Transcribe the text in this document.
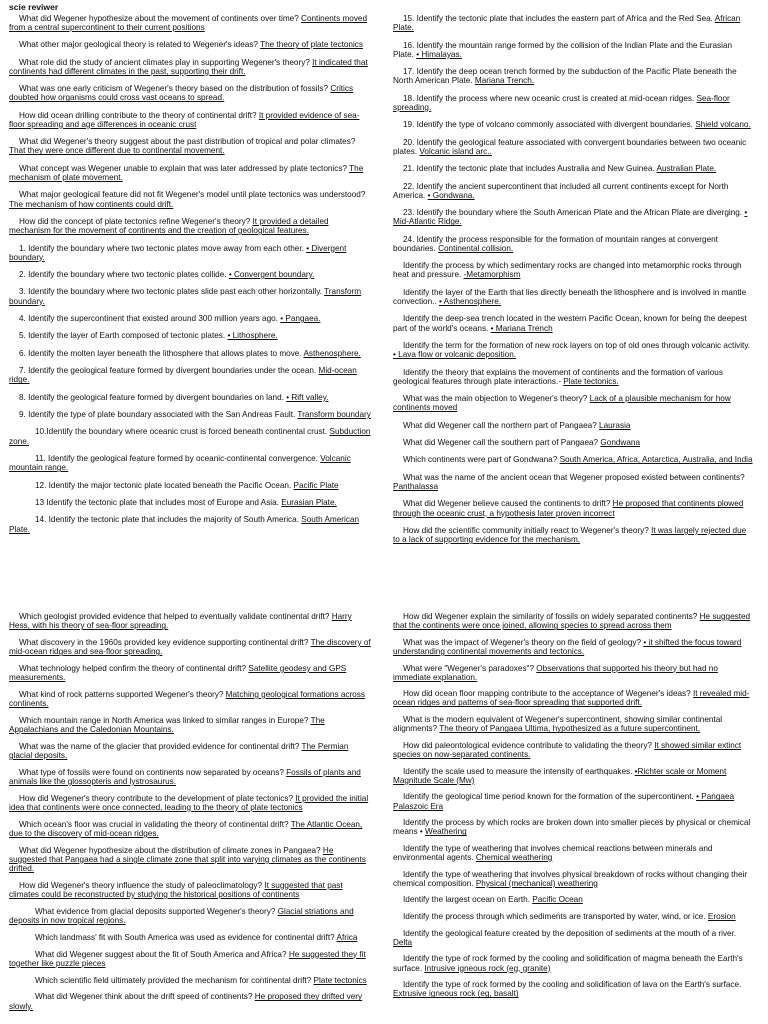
scie reviwer

What did Wegener hypothesize about the movement of continents over time? Continents moved from a central supercontinent to their current positions

What other major geological theory is related to Wegener's ideas? The theory of plate tectonics

What role did the study of ancient climates play in supporting Wegener's theory? It indicated that continents had different climates in the past, supporting their drift.

What was one early criticism of Wegener's theory based on the distribution of fossils? Critics doubted how organisms could cross vast oceans to spread.

How did ocean drilling contribute to the theory of continental drift? It provided evidence of sea-floor spreading and age differences in oceanic crust

What did Wegener's theory suggest about the past distribution of tropical and polar climates? That they were once different due to continental movement.

What concept was Wegener unable to explain that was later addressed by plate tectonics? The mechanism of plate movement.

What major geological feature did not fit Wegener's model until plate tectonics was understood? The mechanism of how continents could drift.

How did the concept of plate tectonics refine Wegener's theory? It provided a detailed mechanism for the movement of continents and the creation of geological features.

1. Identify the boundary where two tectonic plates move away from each other. • Divergent boundary.

2. Identify the boundary where two tectonic plates collide. • Convergent boundary.

3. Identify the boundary where two tectonic plates slide past each other horizontally. Transform boundary.

4. Identify the supercontinent that existed around 300 million years ago. • Pangaea.

5. Identify the layer of Earth composed of tectonic plates. • Lithosphere.

6. Identify the molten layer beneath the lithosphere that allows plates to move. Asthenosphere.

7. Identify the geological feature formed by divergent boundaries under the ocean. Mid-ocean ridge.

8. Identify the geological feature formed by divergent boundaries on land. • Rift valley.

9. Identify the type of plate boundary associated with the San Andreas Fault. Transform boundary

10.Identify the boundary where oceanic crust is forced beneath continental crust. Subduction zone.

11. Identify the geological feature formed by oceanic-continental convergence. Volcanic mountain range.

12. Identify the major tectonic plate located beneath the Pacific Ocean. Pacific Plate

13 Identify the tectonic plate that includes most of Europe and Asia. Eurasian Plate.

14. Identify the tectonic plate that includes the majority of South America. South American Plate.

15. Identify the tectonic plate that includes the eastern part of Africa and the Red Sea. African Plate.

16. Identify the mountain range formed by the collision of the Indian Plate and the Eurasian Plate. • Himalayas.

17. Identify the deep ocean trench formed by the subduction of the Pacific Plate beneath the North American Plate. Mariana Trench.

18. Identify the process where new oceanic crust is created at mid-ocean ridges. Sea-floor spreading.

19. Identify the type of volcano commonly associated with divergent boundaries. Shield volcano.

20. Identify the geological feature associated with convergent boundaries between two oceanic plates. Volcanic island arc..

21. Identify the tectonic plate that includes Australia and New Guinea. Australian Plate.

22. Identify the ancient supercontinent that included all current continents except for North America. • Gondwana.

23. Identify the boundary where the South American Plate and the African Plate are diverging. • Mid-Atlantic Ridge.

24. Identify the process responsible for the formation of mountain ranges at convergent boundaries. Continental collision.

Identify the process by which sedimentary rocks are changed into metamorphic rocks through heat and pressure. -Metamorphism

Identify the layer of the Earth that lies directly beneath the lithosphere and is involved in mantle convection.. • Asthenosphere.

Identify the deep-sea trench located in the western Pacific Ocean, known for being the deepest part of the world's oceans. • Mariana Trench

Identify the term for the formation of new rock layers on top of old ones through volcanic activity. • Lava flow or volcanic deposition.

Identify the theory that explains the movement of continents and the formation of various geological features through plate interactions.- Plate tectonics.

What was the main objection to Wegener's theory? Lack of a plausible mechanism for how continents moved

What did Wegener call the northern part of Pangaea? Laurasia

What did Wegener call the southern part of Pangaea? Gondwana

Which continents were part of Gondwana? South America, Africa, Antarctica, Australia, and India

What was the name of the ancient ocean that Wegener proposed existed between continents? Panthalassa

What did Wegener believe caused the continents to drift? He proposed that continents plowed through the oceanic crust, a hypothesis later proven incorrect

How did the scientific community initially react to Wegener's theory? It was largely rejected due to a lack of supporting evidence for the mechanism.

Which geologist provided evidence that helped to eventually validate continental drift? Harry Hess, with his theory of sea-floor spreading.

What discovery in the 1960s provided key evidence supporting continental drift? The discovery of mid-ocean ridges and sea-floor spreading.

What technology helped confirm the theory of continental drift? Satellite geodesy and GPS measurements.

What kind of rock patterns supported Wegener's theory? Matching geological formations across continents.

Which mountain range in North America was linked to similar ranges in Europe? The Appalachians and the Caledonian Mountains.

What was the name of the glacier that provided evidence for continental drift? The Permian glacial deposits.

What type of fossils were found on continents now separated by oceans? Fossils of plants and animals like the glossopteris and lystrosaurus.

How did Wegener's theory contribute to the development of plate tectonics? It provided the initial idea that continents were once connected, leading to the theory of plate tectonics

Which ocean's floor was crucial in validating the theory of continental drift? The Atlantic Ocean, due to the discovery of mid-ocean ridges.

What did Wegener hypothesize about the distribution of climate zones in Pangaea? He suggested that Pangaea had a single climate zone that split into varying climates as the continents drifted.

How did Wegener's theory influence the study of paleoclimatology? It suggested that past climates could be reconstructed by studying the historical positions of continents

What evidence from glacial deposits supported Wegener's theory? Glacial striations and deposits in now tropical regions.

Which landmass' fit with South America was used as evidence for continental drift? Africa

What did Wegener suggest about the fit of South America and Africa? He suggested they fit together like puzzle pieces

Which scientific field ultimately provided the mechanism for continental drift? Plate tectonics

What did Wegener think about the drift speed of continents? He proposed they drifted very slowly.

How did Wegener explain the similarity of fossils on widely separated continents? He suggested that the continents were once joined, allowing species to spread across them

What was the impact of Wegener's theory on the field of geology? • it shifted the focus toward understanding continental movements and tectonics.

What were "Wegener's paradoxes"? Observations that supported his theory but had no immediate explanation.

How did ocean floor mapping contribute to the acceptance of Wegener's ideas? It revealed mid-ocean ridges and patterns of sea-floor spreading that supported drift.

What is the modern equivalent of Wegener's supercontinent, showing similar continental alignments? The theory of Pangaea Ultima, hypothesized as a future supercontinent.

How did paleontological evidence contribute to validating the theory? It showed similar extinct species on now-separated continents.

Identify the scale used to measure the intensity of earthquakes. •Richter scale or Moment Magnitude Scale (Mw)

Identify the geological time period known for the formation of the supercontinent. • Pangaea Palaszoic Era

Identify the process by which rocks are broken down into smaller pieces by physical or chemical means • Weathering

Identify the type of weathering that involves chemical reactions between minerals and environmental agents. Chemical weathering

Identify the type of weathering that involves physical breakdown of rocks without changing their chemical composition. Physical (mechanical) weathering

Identify the largest ocean on Earth. Pacific Ocean

Identify the process through which sediments are transported by water, wind, or ice. Erosion

Identify the geological feature created by the deposition of sediments at the mouth of a river. Delta

Identify the type of rock formed by the cooling and solidification of magma beneath the Earth's surface. Intrusive igneous rock (eg, granite)

Identify the type of rock formed by the cooling and solidification of lava on the Earth's surface. Extrusive igneous rock (eg, basalt)
